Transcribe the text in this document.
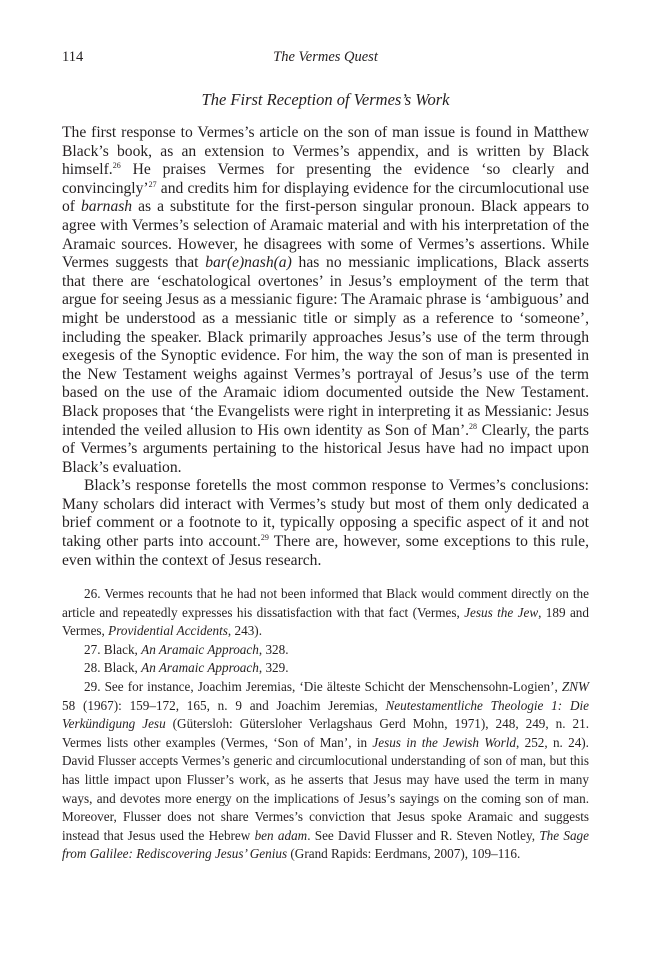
114	The Vermes Quest
The First Reception of Vermes’s Work

The first response to Vermes’s article on the son of man issue is found in Matthew Black’s book, as an extension to Vermes’s appendix, and is written by Black himself.$^{26}$ He praises Vermes for presenting the evidence ‘so clearly and convincingly’$^{27}$ and credits him for displaying evidence for the circumlocutional use of barnash as a substitute for the first-person singular pronoun. Black appears to agree with Vermes’s selection of Aramaic material and with his interpretation of the Aramaic sources. However, he disagrees with some of Vermes’s assertions. While Vermes suggests that bar(e)nash(a) has no messianic implications, Black asserts that there are ‘eschatological overtones’ in Jesus’s employment of the term that argue for seeing Jesus as a messianic figure: The Aramaic phrase is ‘ambiguous’ and might be understood as a messianic title or simply as a reference to ‘someone’, including the speaker. Black primarily approaches Jesus’s use of the term through exegesis of the Synoptic evidence. For him, the way the son of man is presented in the New Testament weighs against Vermes’s portrayal of Jesus’s use of the term based on the use of the Aramaic idiom documented outside the New Testament. Black proposes that ‘the Evangelists were right in interpreting it as Messianic: Jesus intended the veiled allusion to His own identity as Son of Man’.$^{28}$ Clearly, the parts of Vermes’s arguments pertaining to the historical Jesus have had no impact upon Black’s evaluation.

Black’s response foretells the most common response to Vermes’s conclusions: Many scholars did interact with Vermes’s study but most of them only dedicated a brief comment or a footnote to it, typically opposing a specific aspect of it and not taking other parts into account.$^{29}$ There are, however, some exceptions to this rule, even within the context of Jesus research.

26. Vermes recounts that he had not been informed that Black would comment directly on the article and repeatedly expresses his dissatisfaction with that fact (Vermes, Jesus the Jew, 189 and Vermes, Providential Accidents, 243).

27. Black, An Aramaic Approach, 328.

28. Black, An Aramaic Approach, 329.

29. See for instance, Joachim Jeremias, ‘Die älteste Schicht der Menschensohn-Logien’, ZNW 58 (1967): 159–172, 165, n. 9 and Joachim Jeremias, Neutestamentliche Theologie 1: Die Verkündigung Jesu (Gütersloh: Gütersloher Verlagshaus Gerd Mohn, 1971), 248, 249, n. 21. Vermes lists other examples (Vermes, ‘Son of Man’, in Jesus in the Jewish World, 252, n. 24). David Flusser accepts Vermes’s generic and circumlocutional understanding of son of man, but this has little impact upon Flusser’s work, as he asserts that Jesus may have used the term in many ways, and devotes more energy on the implications of Jesus’s sayings on the coming son of man. Moreover, Flusser does not share Vermes’s conviction that Jesus spoke Aramaic and suggests instead that Jesus used the Hebrew ben adam. See David Flusser and R. Steven Notley, The Sage from Galilee: Rediscovering Jesus’ Genius (Grand Rapids: Eerdmans, 2007), 109–116.
